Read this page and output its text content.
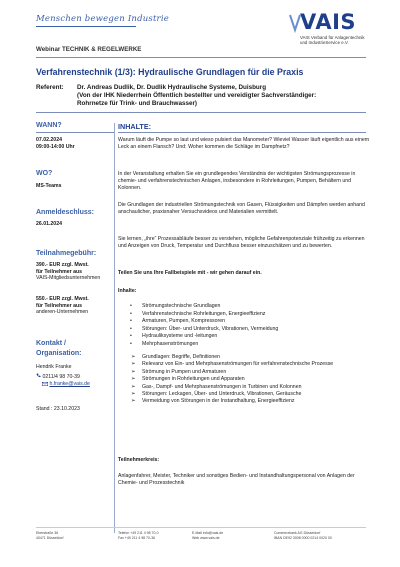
Menschen bewegen Industrie	VAIS
VAIS Verband für Anlagentechnik
und IndustrieService e.V.
Webinar TECHNIK & REGELWERKE
Verfahrenstechnik (1/3): Hydraulische Grundlagen für die Praxis
Referent: Dr. Andreas Dudlik, Dr. Dudlik Hydraulische Systeme, Duisburg
(Von der IHK Niederrhein Öffentlich bestellter und vereidigter Sachverständiger:
Rohrnetze für Trink- und Brauchwasser)
WANN?
07.02.2024
09:00-14:00 Uhr
WO?
MS-Teams
Anmeldeschluss:
26.01.2024
Teilnahmegebühr:
390.- EUR zzgl. Mwst.
für Teilnehmer aus
VAIS-Mitgliedsunternehmen
550.- EUR zzgl. Mwst.
für Teilnehmer aus
anderen-Unternehmen
Kontakt /
Organisation:
Hendrik Franke
0211/4 98 70-39
h.franke@vais.de
Stand : 23.10.2023
INHALTE:
Warum läuft die Pumpe so laut und wieso pulsiert das Manometer? Wieviel Wasser läuft eigentlich aus einem Leck an einem Flansch? Und: Woher kommen die Schläge im Dampfnetz?
In der Veranstaltung erhalten Sie ein grundlegendes Verständnis der wichtigsten Strömungsprozesse in chemie- und verfahrenstechnischen Anlagen, insbesondere in Rohrleitungen, Pumpen, Behältern und Kolonnen.
Die Grundlagen der industriellen Strömungstechnik von Gasen, Flüssigkeiten und Dämpfen werden anhand anschaulicher, praxisnaher Versuchsvideos und Materialien vermittelt.
Sie lernen, „ihre“ Prozessabläufe besser zu verstehen, mögliche Gefahrenpotenziale frühzeitig zu erkennen und Anzeigen von Druck, Temperatur und Durchfluss besser einzuschätzen und zu bewerten.
Teilen Sie uns Ihre Fallbeispiele mit - wir gehen darauf ein.
Inhalte:
• Strömungstechnische Grundlagen
• Verfahrenstechnische Rohrleitungen, Energieeffizienz
• Armaturen, Pumpen, Kompressoren
• Störungen: Über- und Unterdruck, Vibrationen, Vermeidung
• Hydrauliksysteme und -leitungen
• Mehrphasenströmungen
➢ Grundlagen: Begriffe, Definitionen
➢ Relevanz von Ein- und Mehrphasenströmungen für verfahrenstechnische Prozesse
➢ Strömung in Pumpen und Armaturen
➢ Strömungen in Rohrleitungen und Apparaten
➢ Gas-, Dampf- und Mehrphasenströmungen in Turbinen und Kolonnen
➢ Störungen: Leckagen, Über- und Unterdruck, Vibrationen, Geräusche
➢ Vermeidung von Störungen in der Instandhaltung, Energieeffizienz
Teilnehmerkreis:
Anlagenfahrer, Meister, Techniker und sonstiges Bedien- und Instandhaltungspersonal von Anlagen der Chemie- und Prozesstechnik
Eberstraße 36
40471 Düsseldorf
Telefon +49 211 4 98 70-0
Fax +49 211 4 98 70-36
E-Mail info@vais.de
Web www.vais.de
Commerzbank AG Düsseldorf
IBAN DE92 3008 0000 0214 0020 00
